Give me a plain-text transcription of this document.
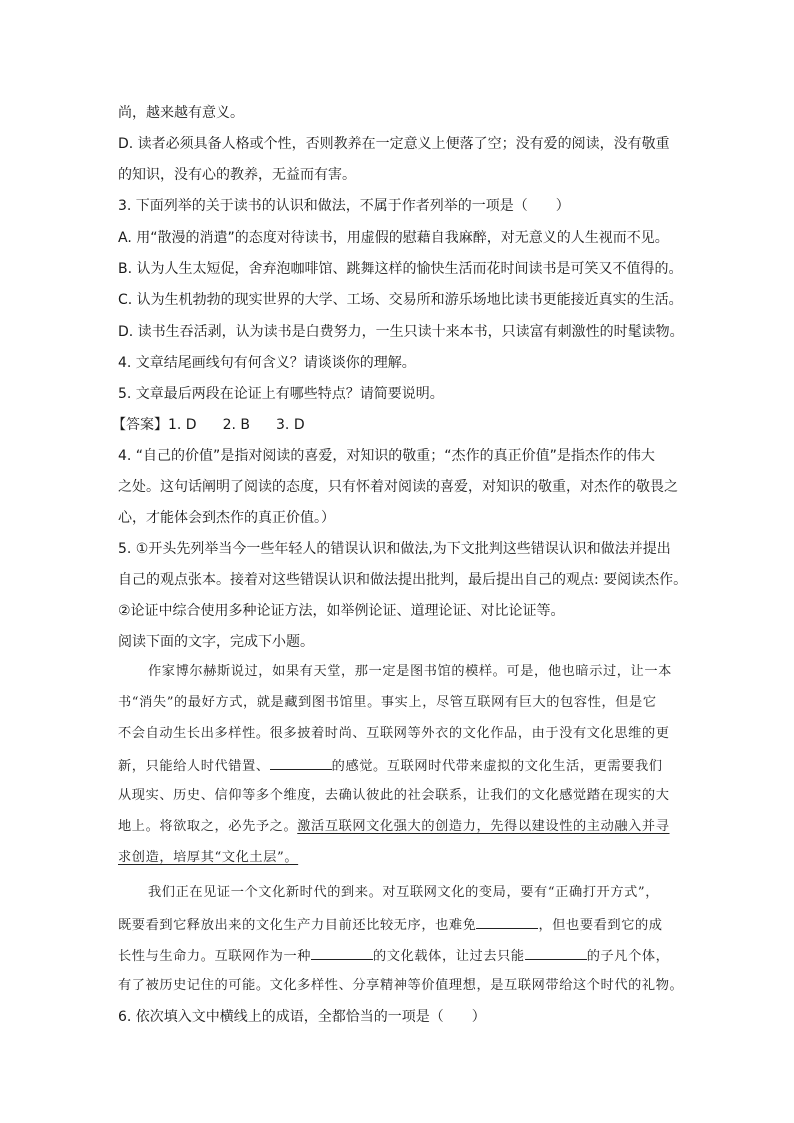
尚，越来越有意义。
D. 读者必须具备人格或个性，否则教养在一定意义上便落了空；没有爱的阅读，没有敬重
的知识，没有心的教养，无益而有害。
3. 下面列举的关于读书的认识和做法，不属于作者列举的一项是（　　）
A. 用“散漫的消遣”的态度对待读书，用虚假的慰藉自我麻醉，对无意义的人生视而不见。
B. 认为人生太短促，舍弃泡咖啡馆、跳舞这样的愉快生活而花时间读书是可笑又不值得的。
C. 认为生机勃勃的现实世界的大学、工场、交易所和游乐场地比读书更能接近真实的生活。
D. 读书生吞活剥，认为读书是白费努力，一生只读十来本书，只读富有刺激性的时髦读物。
4. 文章结尾画线句有何含义？请谈谈你的理解。
5. 文章最后两段在论证上有哪些特点？请简要说明。
【答案】1. D 2. B 3. D
4. “自己的价值”是指对阅读的喜爱，对知识的敬重；“杰作的真正价值”是指杰作的伟大
之处。这句话阐明了阅读的态度，只有怀着对阅读的喜爱，对知识的敬重，对杰作的敬畏之
心，才能体会到杰作的真正价值。）
5. ①开头先列举当今一些年轻人的错误认识和做法,为下文批判这些错误认识和做法并提出
自己的观点张本。接着对这些错误认识和做法提出批判，最后提出自己的观点: 要阅读杰作。
②论证中综合使用多种论证方法，如举例论证、道理论证、对比论证等。
阅读下面的文字，完成下小题。
作家博尔赫斯说过，如果有天堂，那一定是图书馆的模样。可是，他也暗示过，让一本
书“消失”的最好方式，就是藏到图书馆里。事实上，尽管互联网有巨大的包容性，但是它
不会自动生长出多样性。很多披着时尚、互联网等外衣的文化作品，由于没有文化思维的更
新，只能给人时代错置、	的感觉。互联网时代带来虚拟的文化生活，更需要我们
从现实、历史、信仰等多个维度，去确认彼此的社会联系，让我们的文化感觉踏在现实的大
地上。将欲取之，必先予之。激活互联网文化强大的创造力，先得以建设性的主动融入并寻
求创造，培厚其“文化土层”。
我们正在见证一个文化新时代的到来。对互联网文化的变局，要有“正确打开方式”，
既要看到它释放出来的文化生产力目前还比较无序，也难免	，但也要看到它的成
长性与生命力。互联网作为一种	的文化载体，让过去只能	的子凡个体，
有了被历史记住的可能。文化多样性、分享精神等价值理想，是互联网带给这个时代的礼物。
6. 依次填入文中横线上的成语，全都恰当的一项是（　　）
